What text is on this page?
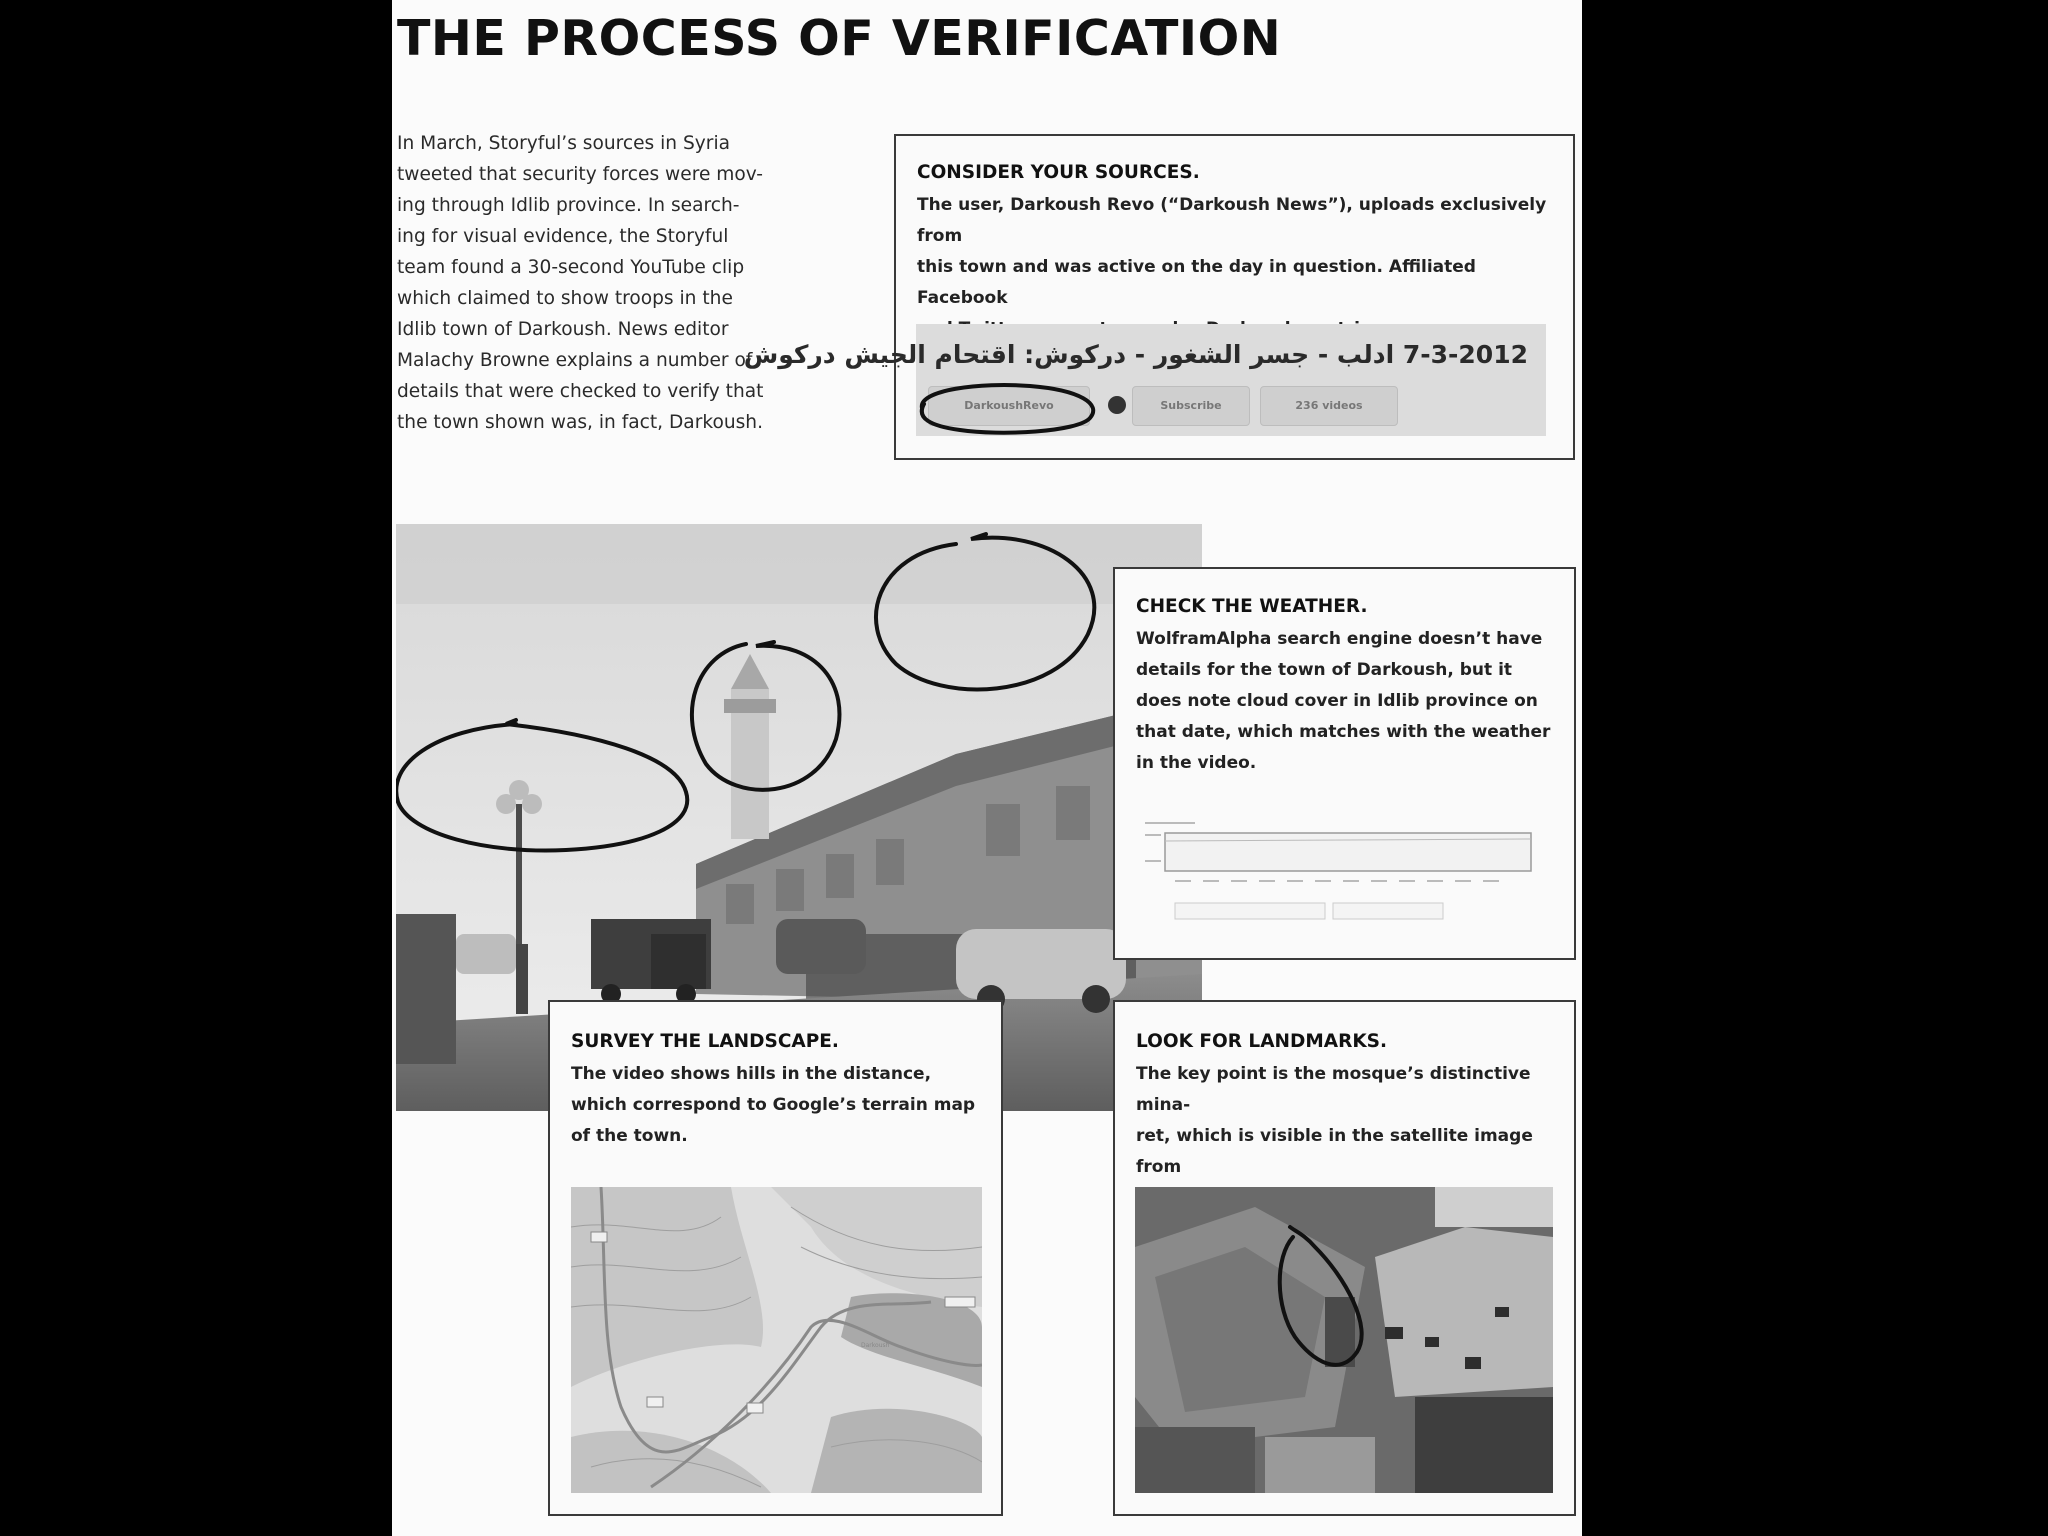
THE PROCESS OF VERIFICATION
In March, Storyful’s sources in Syria
tweeted that security forces were mov-
ing through Idlib province. In search-
ing for visual evidence, the Storyful
team found a 30-second YouTube clip
which claimed to show troops in the
Idlib town of Darkoush. News editor
Malachy Browne explains a number of
details that were checked to verify that
the town shown was, in fact, Darkoush.
CONSIDER YOUR SOURCES.
The user, Darkoush Revo (“Darkoush News”), uploads exclusively from
this town and was active on the day in question. Affiliated Facebook

7-3-2012 ادلب - جسر الشغور - دركوش: اقتحام الجيش دركوش
DarkoushRevo	Subscribe	236 videos
CHECK THE WEATHER.
WolframAlpha search engine doesn’t have
details for the town of Darkoush, but it
does note cloud cover in Idlib province on
that date, which matches with the weather
in the video.
SURVEY THE LANDSCAPE.
The video shows hills in the distance,
which correspond to Google’s terrain map
of the town.
Darkoush
LOOK FOR LANDMARKS.
The key point is the mosque’s distinctive mina-
ret, which is visible in the satellite image from
